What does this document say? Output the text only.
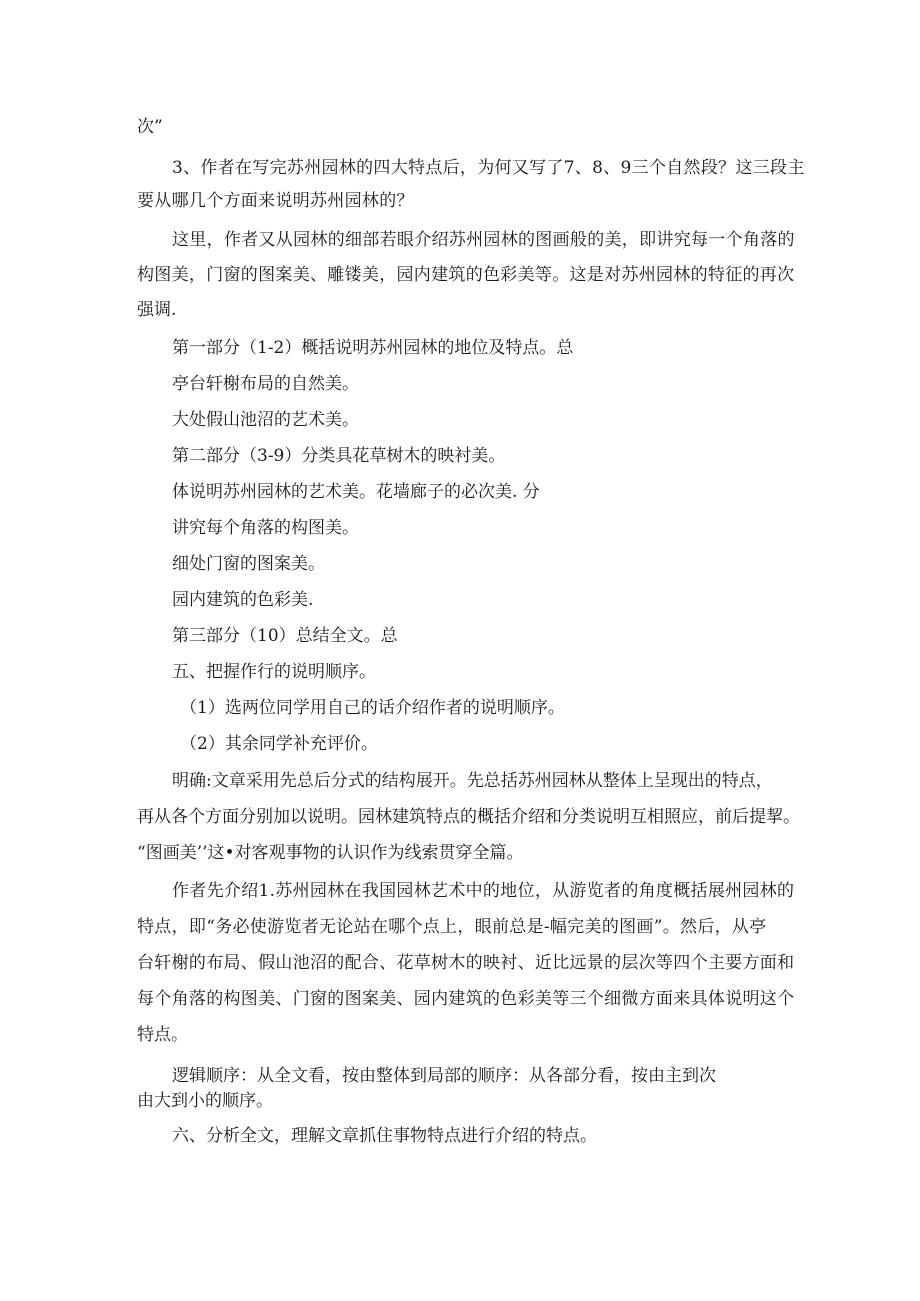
次”
3、作者在写完苏州园林的四大特点后，为何又写了7、8、9三个自然段？这三段主
要从哪几个方面来说明苏州园林的？
这里，作者又从园林的细部若眼介绍苏州园林的图画般的美，即讲究每一个角落的
构图美，门窗的图案美、雕镂美，园内建筑的色彩美等。这是对苏州园林的特征的再次
强调.
第一部分（1-2）概括说明苏州园林的地位及特点。总
亭台轩榭布局的自然美。
大处假山池沼的艺术美。
第二部分（3-9）分类具花草树木的映衬美。
体说明苏州园林的艺术美。花墙廊子的必次美. 分
讲究每个角落的构图美。
细处门窗的图案美。
园内建筑的色彩美.
第三部分（10）总结全文。总
五、把握作行的说明顺序。
（1）选两位同学用自己的话介绍作者的说明顺序。
（2）其余同学补充评价。
明确:文章采用先总后分式的结构展开。先总括苏州园林从整体上呈现出的特点，
再从各个方面分别加以说明。园林建筑特点的概括介绍和分类说明互相照应，前后提挈。
“图画美’’这•对客观事物的认识作为线索贯穿全篇。
作者先介绍1.苏州园林在我国园林艺术中的地位，从游览者的角度概括展州园林的
特点，即“务必使游览者无论站在哪个点上，眼前总是-幅完美的图画”。然后，从亭
台轩榭的布局、假山池沼的配合、花草树木的映衬、近比远景的层次等四个主要方面和
每个角落的构图美、门窗的图案美、园内建筑的色彩美等三个细微方面来具体说明这个
特点。
逻辑顺序：从全文看，按由整体到局部的顺序：从各部分看，按由主到次
由大到小的顺序。
六、分析全文，理解文章抓住事物特点进行介绍的特点。
